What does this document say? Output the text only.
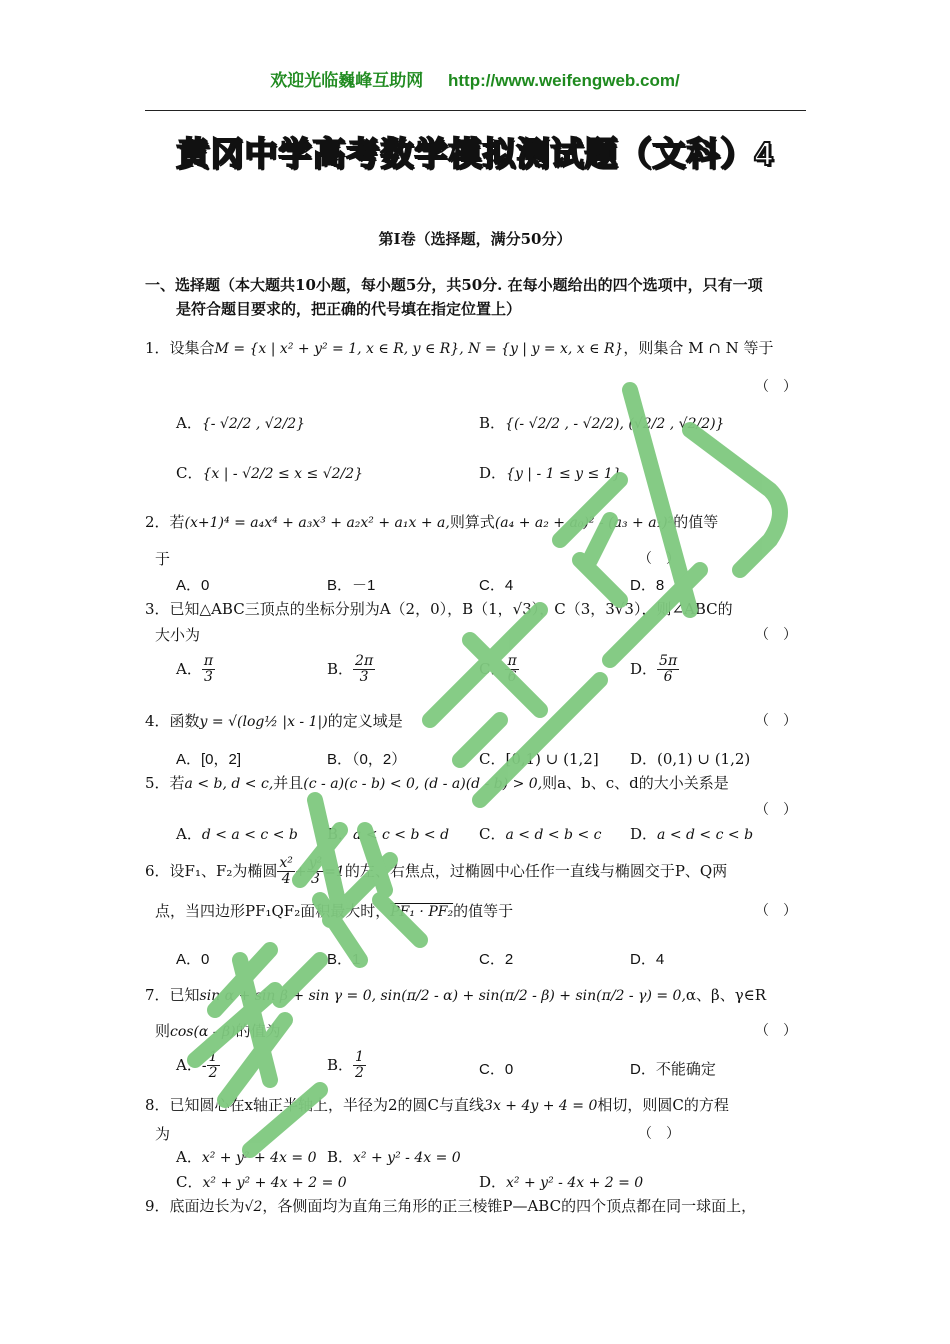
欢迎光临巍峰互助网 http://www.weifengweb.com/
黄冈中学高考数学模拟测试题（文科）4
第Ⅰ卷（选择题，满分50分）
一、选择题（本大题共10小题，每小题5分，共50分. 在每小题给出的四个选项中，只有一项
是符合题目要求的，把正确的代号填在指定位置上）
1．设集合M = {x | x² + y² = 1, x ∈ R, y ∈ R}, N = {y | y = x, x ∈ R}，则集合 M ∩ N 等于
（　）
A．{- √2/2 , √2/2}	B．{(- √2/2 , - √2/2), (√2/2 , √2/2)}
C．{x | - √2/2 ≤ x ≤ √2/2}	D．{y | - 1 ≤ y ≤ 1}
2．若(x+1)⁴ = a₄x⁴ + a₃x³ + a₂x² + a₁x + a,则算式(a₄ + a₂ + a₀)² - (a₃ + a₁)²的值等
于	（　）
A．0	B．－1	C．4	D．8
3．已知△ABC三顶点的坐标分别为A（2，0），B（1，√3），C（3，3√3），则∠ABC的
大小为	（　）
A． $\frac{\pi}{3}$	B． $\frac{2\pi}{3}$	C． $\frac{\pi}{6}$	D． $\frac{5\pi}{6}$
4．函数y = √(log½ |x - 1|)的定义域是	（　）
A．[0，2]	B．（0，2）	C．[0,1) ∪ (1,2] D．(0,1) ∪ (1,2)
5．若a < b, d < c,并且(c - a)(c - b) < 0, (d - a)(d - b) > 0,则a、b、c、d的大小关系是
（　）
A．d < a < c < b B．a < c < b < d C．a < d < b < c D．a < d < c < b
6．设F₁、F₂为椭圆 $\frac{\text{x²}}{4} + \frac{\text{y²}}{3} =1$的左、右焦点，过椭圆中心任作一直线与椭圆交于P、Q两
点，当四边形PF₁QF₂面积最大时，PF₁ · PF₂的值等于	（　）
A．0	B．1	C．2	D．4
7．已知sin α + sin β + sin γ = 0, sin(π/2 - α) + sin(π/2 - β) + sin(π/2 - γ) = 0,α、β、γ∈R
则cos(α - β)的值为	（　）
A．- $\frac{1}{2}$	B． $\frac{1}{2}$	C．0	D．不能确定
8．已知圆心在x轴正半轴上，半径为2的圆C与直线3x + 4y + 4 = 0相切，则圆C的方程
为	（　）
A．x² + y² + 4x = 0 B．x² + y² - 4x = 0
C．x² + y² + 4x + 2 = 0	D．x² + y² - 4x + 2 = 0
9．底面边长为√2，各侧面均为直角三角形的正三棱锥P—ABC的四个顶点都在同一球面上，
